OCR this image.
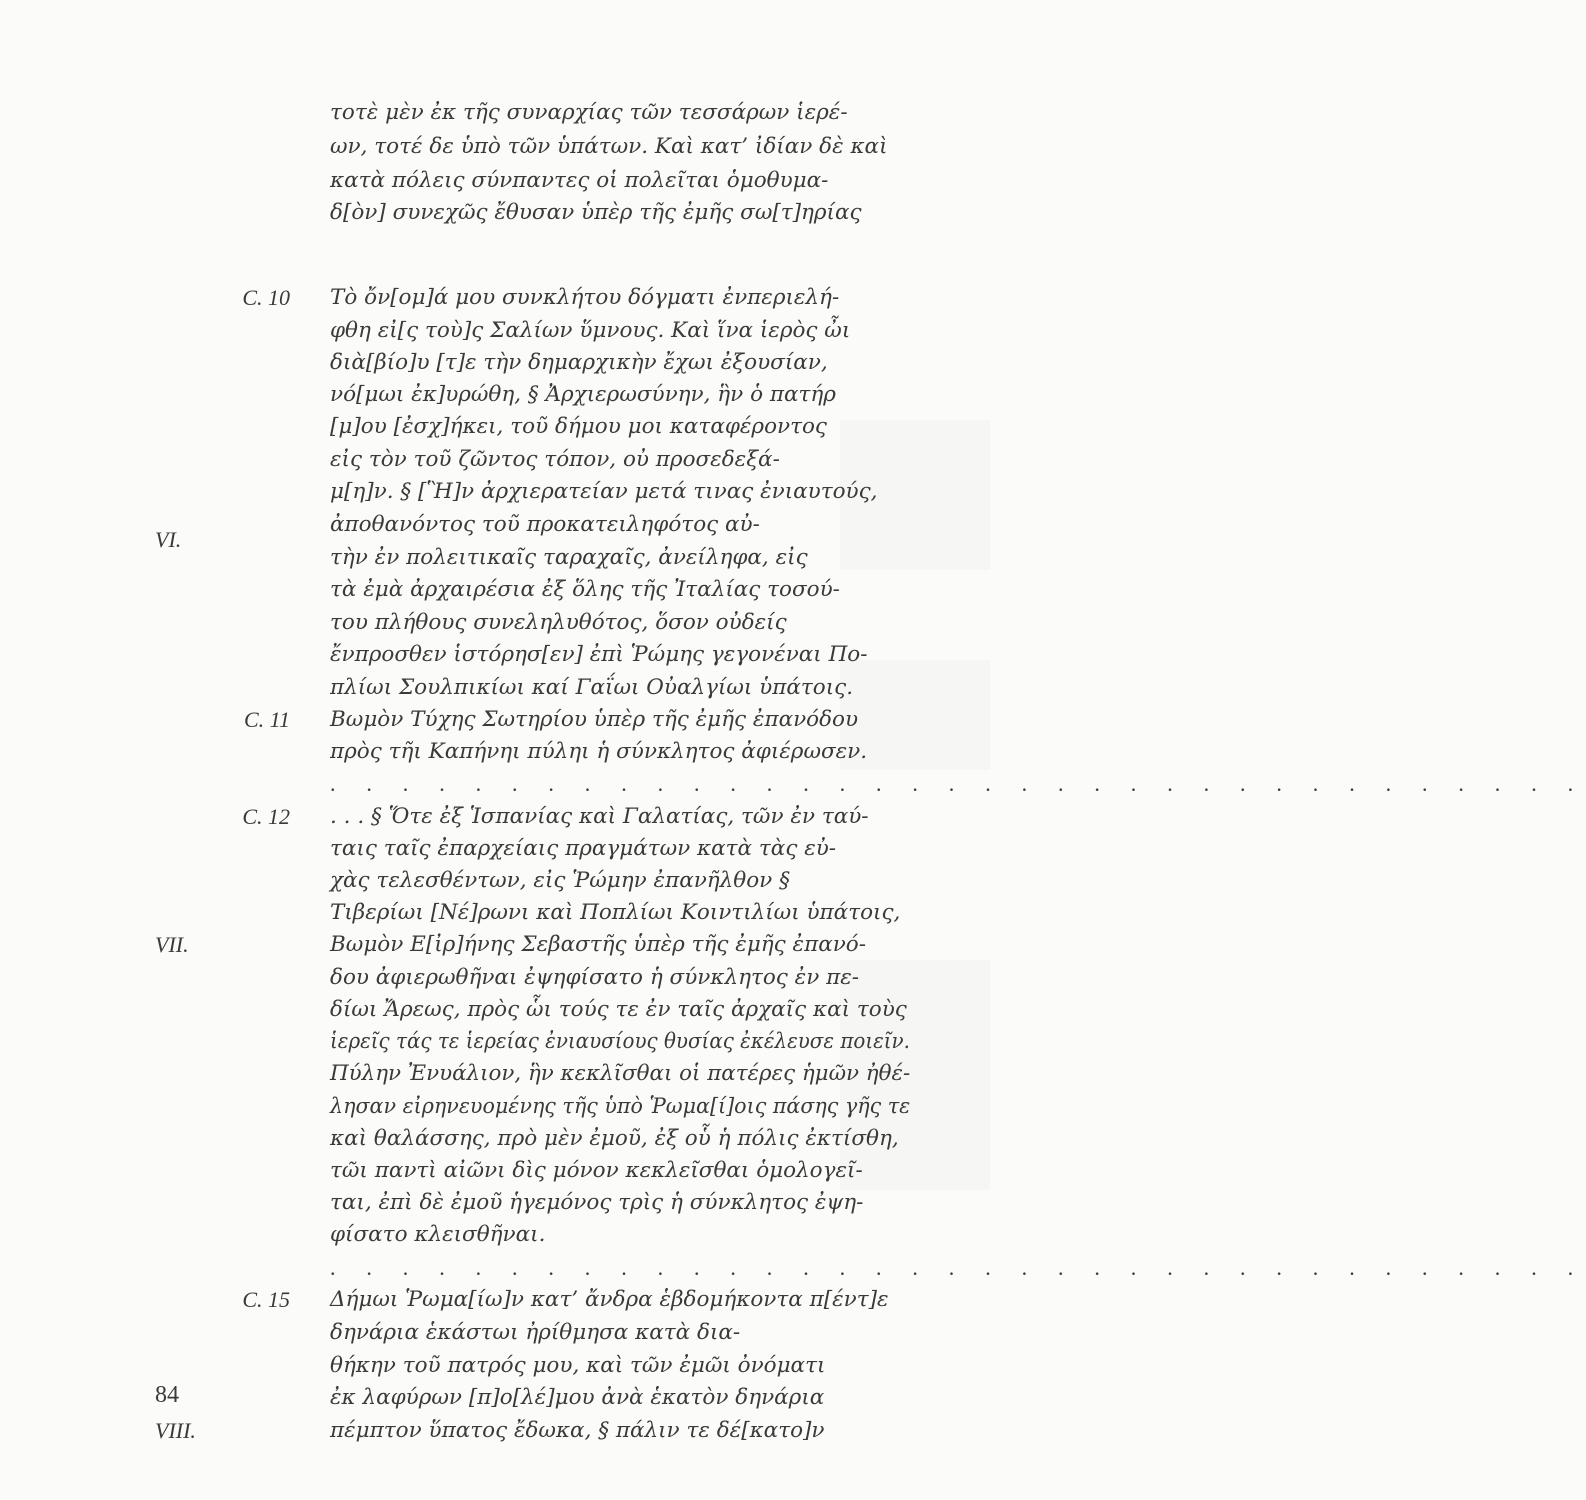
τοτὲ μὲν ἐκ τῆς συναρχίας τῶν τεσσάρων ἱερέ-
ων, τοτέ δε ὑπὸ τῶν ὑπάτων. Καὶ κατ’ ἰδίαν δὲ καὶ
κατὰ πόλεις σύνπαντες οἱ πολεῖται ὁμοθυμα-
δ[ὸν] συνεχῶς ἔθυσαν ὑπὲρ τῆς ἐμῆς σω[τ]ηρίας
Τὸ ὄν[ομ]ά μου συνκλήτου δόγματι ἐνπεριελή-
φθη εἰ[ς τοὺ]ς Σαλίων ὕμνους. Καὶ ἵνα ἱερὸς ὦι
διὰ[βίο]υ [τ]ε τὴν δημαρχικὴν ἔχωι ἐξουσίαν,
νό[μωι ἐκ]υρώθη, § Ἀρχιερωσύνην, ἣν ὁ πατήρ
[μ]ου [ἐσχ]ήκει, τοῦ δήμου μοι καταφέροντος
εἰς τὸν τοῦ ζῶντος τόπον, οὐ προσεδεξά-
μ[η]ν. § [Ἣ]ν ἀρχιερατείαν μετά τινας ἐνιαυτούς,
ἀποθανόντος τοῦ προκατειληφότος αὐ-
τὴν ἐν πολειτικαῖς ταραχαῖς, ἀνείληφα, εἰς
τὰ ἐμὰ ἀρχαιρέσια ἐξ ὅλης τῆς Ἰταλίας τοσού-
του πλήθους συνεληλυθότος, ὅσον οὐδείς
ἔνπροσθεν ἱστόρησ[εν] ἐπὶ Ῥώμης γεγονέναι Πο-
πλίωι Σουλπικίωι καί Γαΐωι Οὐαλγίωι ὑπάτοις.
Βωμὸν Τύχης Σωτηρίου ὑπὲρ τῆς ἐμῆς ἐπανόδου
πρὸς τῆι Καπήνηι πύληι ἡ σύνκλητος ἀφιέρωσεν.
. . . . . . . . . . . . . . . . . . . . . . . . . . . . . . . . . . .
. . . § Ὅτε ἐξ Ἱσπανίας καὶ Γαλατίας, τῶν ἐν ταύ-
ταις ταῖς ἐπαρχείαις πραγμάτων κατὰ τὰς εὐ-
χὰς τελεσθέντων, εἰς Ῥώμην ἐπανῆλθον §
Τιβερίωι [Νέ]ρωνι καὶ Ποπλίωι Κοιντιλίωι ὑπάτοις,
Βωμὸν Ε[ἰρ]ήνης Σεβαστῆς ὑπὲρ τῆς ἐμῆς ἐπανό-
δου ἀφιερωθῆναι ἐψηφίσατο ἡ σύνκλητος ἐν πε-
δίωι Ἄρεως, πρὸς ὧι τούς τε ἐν ταῖς ἀρχαῖς καὶ τοὺς
ἱερεῖς τάς τε ἱερείας ἐνιαυσίους θυσίας ἐκέλευσε ποιεῖν.
Πύλην Ἐνυάλιον, ἣν κεκλῖσθαι οἱ πατέρες ἡμῶν ἠθέ-
λησαν εἰρηνευομένης τῆς ὑπὸ Ῥωμα[ί]οις πάσης γῆς τε
καὶ θαλάσσης, πρὸ μὲν ἐμοῦ, ἐξ οὗ ἡ πόλις ἐκτίσθη,
τῶι παντὶ αἰῶνι δὶς μόνον κεκλεῖσθαι ὁμολογεῖ-
ται, ἐπὶ δὲ ἐμοῦ ἡγεμόνος τρὶς ἡ σύνκλητος ἐψη-
φίσατο κλεισθῆναι.
. . . . . . . . . . . . . . . . . . . . . . . . . . . . . . . . . . .
Δήμωι Ῥωμα[ίω]ν κατ’ ἄνδρα ἑβδομήκοντα π[έντ]ε
δηνάρια ἑκάστωι ἠρίθμησα κατὰ δια-
θήκην τοῦ πατρός μου, καὶ τῶν ἐμῶι ὀνόματι
ἐκ λαφύρων [π]ο[λέ]μου ἀνὰ ἑκατὸν δηνάρια
πέμπτον ὕπατος ἔδωκα, § πάλιν τε δέ[κατο]ν
C. 10
C. 11
C. 12
C. 15
VI.
VII.
VIII.
84
